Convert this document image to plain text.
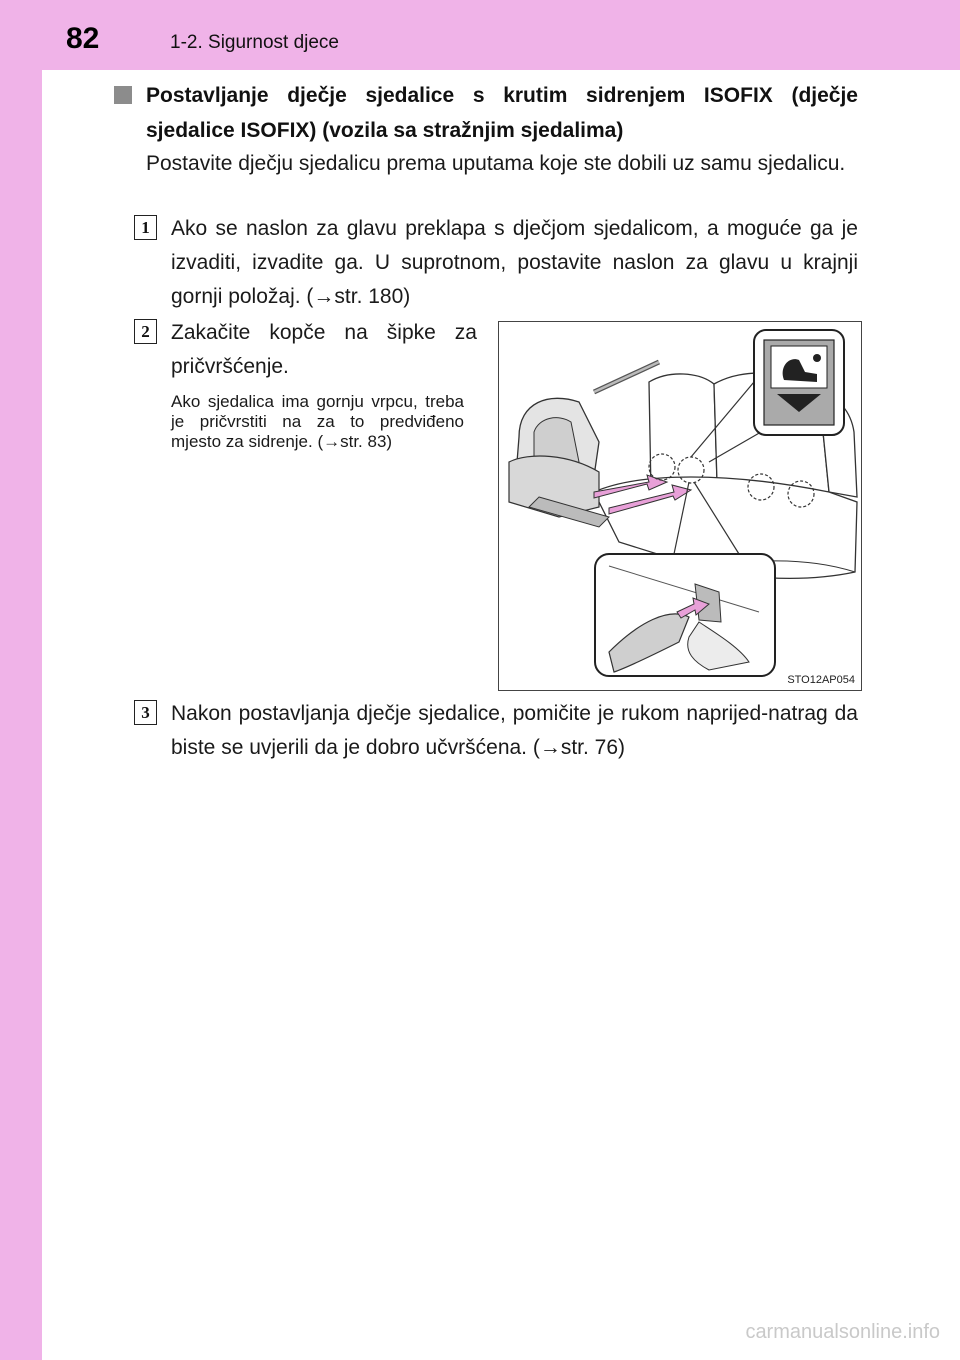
82	1-2. Sigurnost djece
Postavljanje dječje sjedalice s krutim sidrenjem ISOFIX (dječje sjedalice ISOFIX) (vozila sa stražnjim sjedalima)
Postavite dječju sjedalicu prema uputama koje ste dobili uz samu sjedalicu.
1	Ako se naslon za glavu preklapa s dječjom sjedalicom, a moguće ga je izvaditi, izvadite ga. U suprotnom, postavite naslon za glavu u krajnji gornji položaj. (→str. 180)
2	Zakačite kopče na šipke za pričvršćenje.
Ako sjedalica ima gornju vrpcu, treba je pričvrstiti na za to predviđeno mjesto za sidrenje. (→str. 83)
STO12AP054
3	Nakon postavljanja dječje sjedalice, pomičite je rukom naprijed-natrag da biste se uvjerili da je dobro učvršćena. (→str. 76)
carmanualsonline.info
